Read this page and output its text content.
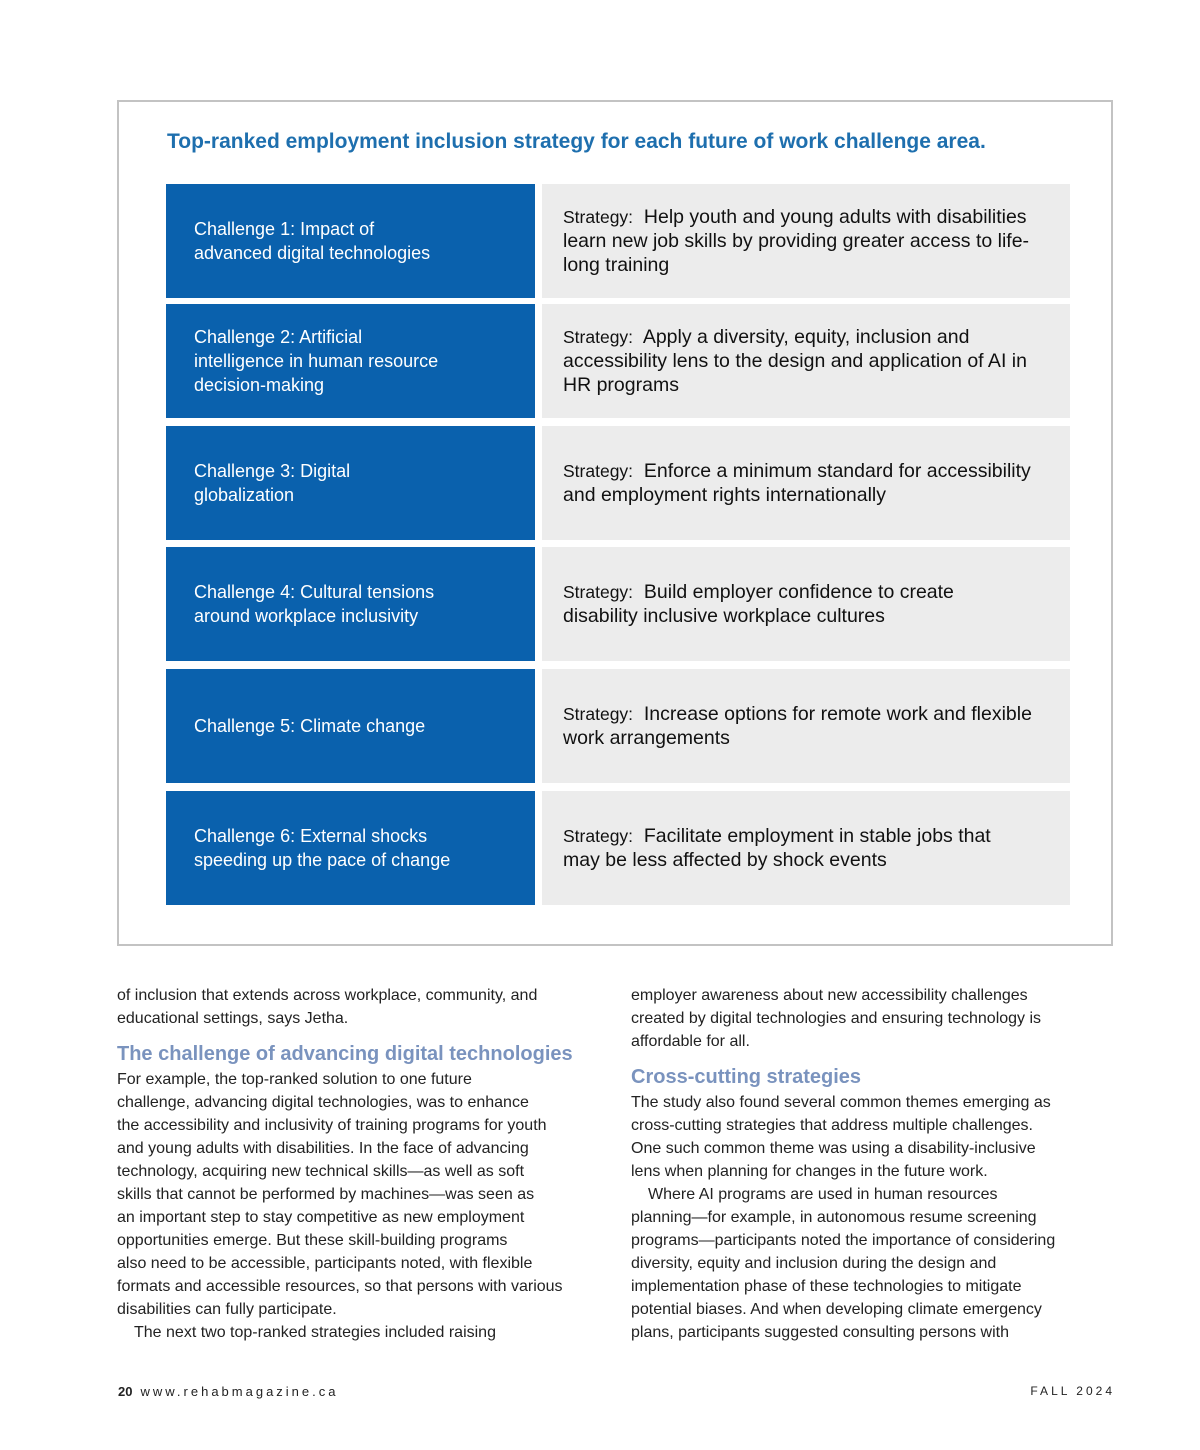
Top-ranked employment inclusion strategy for each future of work challenge area.
Challenge 1: Impact of
advanced digital technologies
Strategy: Help youth and young adults with disabilities
learn new job skills by providing greater access to life-
long training
Challenge 2: Artificial
intelligence in human resource
decision-making
Strategy: Apply a diversity, equity, inclusion and
accessibility lens to the design and application of AI in
HR programs
Challenge 3: Digital
globalization
Strategy: Enforce a minimum standard for accessibility
and employment rights internationally
Challenge 4: Cultural tensions
around workplace inclusivity
Strategy: Build employer confidence to create
disability inclusive workplace cultures
Challenge 5: Climate change
Strategy: Increase options for remote work and flexible
work arrangements
Challenge 6: External shocks
speeding up the pace of change
Strategy: Facilitate employment in stable jobs that
may be less affected by shock events

of inclusion that extends across workplace, community, and
educational settings, says Jetha.

The challenge of advancing digital technologies

For example, the top-ranked solution to one future
challenge, advancing digital technologies, was to enhance
the accessibility and inclusivity of training programs for youth
and young adults with disabilities. In the face of advancing
technology, acquiring new technical skills—as well as soft
skills that cannot be performed by machines—was seen as
an important step to stay competitive as new employment
opportunities emerge. But these skill-building programs
also need to be accessible, participants noted, with flexible
formats and accessible resources, so that persons with various
disabilities can fully participate.

The next two top-ranked strategies included raising

employer awareness about new accessibility challenges
created by digital technologies and ensuring technology is
affordable for all.

Cross-cutting strategies

The study also found several common themes emerging as
cross-cutting strategies that address multiple challenges.
One such common theme was using a disability-inclusive
lens when planning for changes in the future work.

Where AI programs are used in human resources

planning—for example, in autonomous resume screening
programs—participants noted the importance of considering
diversity, equity and inclusion during the design and
implementation phase of these technologies to mitigate
potential biases. And when developing climate emergency
plans, participants suggested consulting persons with

20 www.rehabmagazine.ca	FALL 2024
